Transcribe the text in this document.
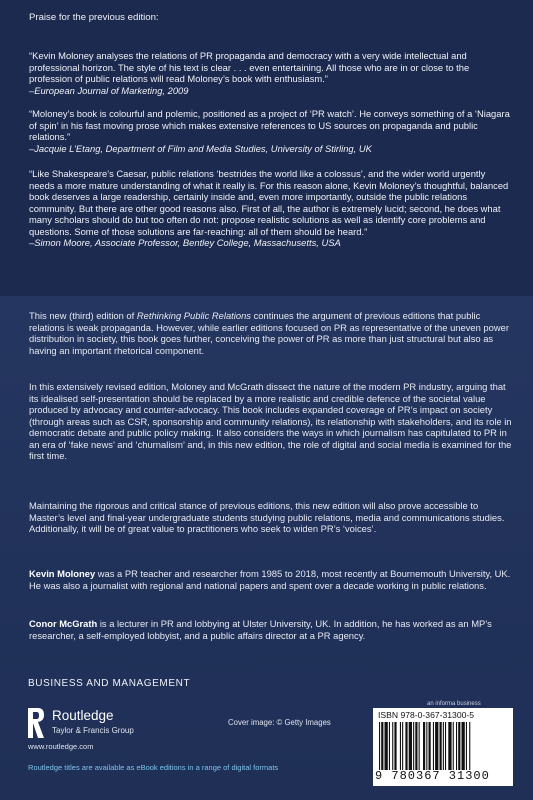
Praise for the previous edition:
“Kevin Moloney analyses the relations of PR propaganda and democracy with a very wide intellectual and professional horizon. The style of his text is clear . . . even entertaining. All those who are in or close to the profession of public relations will read Moloney’s book with enthusiasm.”
–European Journal of Marketing, 2009
“Moloney’s book is colourful and polemic, positioned as a project of ‘PR watch’. He conveys something of a ‘Niagara of spin’ in his fast moving prose which makes extensive references to US sources on propaganda and public relations.”
–Jacquie L’Etang, Department of Film and Media Studies, University of Stirling, UK
“Like Shakespeare’s Caesar, public relations ‘bestrides the world like a colossus’, and the wider world urgently needs a more mature understanding of what it really is. For this reason alone, Kevin Moloney’s thoughtful, balanced book deserves a large readership, certainly inside and, even more importantly, outside the public relations community. But there are other good reasons also. First of all, the author is extremely lucid; second, he does what many scholars should do but too often do not: propose realistic solutions as well as identify core problems and questions. Some of those solutions are far-reaching: all of them should be heard.”
–Simon Moore, Associate Professor, Bentley College, Massachusetts, USA
This new (third) edition of Rethinking Public Relations continues the argument of previous editions that public relations is weak propaganda. However, while earlier editions focused on PR as representative of the uneven power distribution in society, this book goes further, conceiving the power of PR as more than just structural but also as having an important rhetorical component.
In this extensively revised edition, Moloney and McGrath dissect the nature of the modern PR industry, arguing that its idealised self-presentation should be replaced by a more realistic and credible defence of the societal value produced by advocacy and counter-advocacy. This book includes expanded coverage of PR’s impact on society (through areas such as CSR, sponsorship and community relations), its relationship with stakeholders, and its role in democratic debate and public policy making. It also considers the ways in which journalism has capitulated to PR in an era of ‘fake news’ and ‘churnalism’ and, in this new edition, the role of digital and social media is examined for the first time.
Maintaining the rigorous and critical stance of previous editions, this new edition will also prove accessible to Master’s level and final-year undergraduate students studying public relations, media and communications studies. Additionally, it will be of great value to practitioners who seek to widen PR’s ‘voices’.
Kevin Moloney was a PR teacher and researcher from 1985 to 2018, most recently at Bournemouth University, UK. He was also a journalist with regional and national papers and spent over a decade working in public relations.
Conor McGrath is a lecturer in PR and lobbying at Ulster University, UK. In addition, he has worked as an MP’s researcher, a self-employed lobbyist, and a public affairs director at a PR agency.
BUSINESS AND MANAGEMENT
Routledge
Taylor & Francis Group
www.routledge.com
Cover image: © Getty Images
Routledge titles are available as eBook editions in a range of digital formats
an informa business
ISBN 978-0-367-31300-5
9 780367 31300
